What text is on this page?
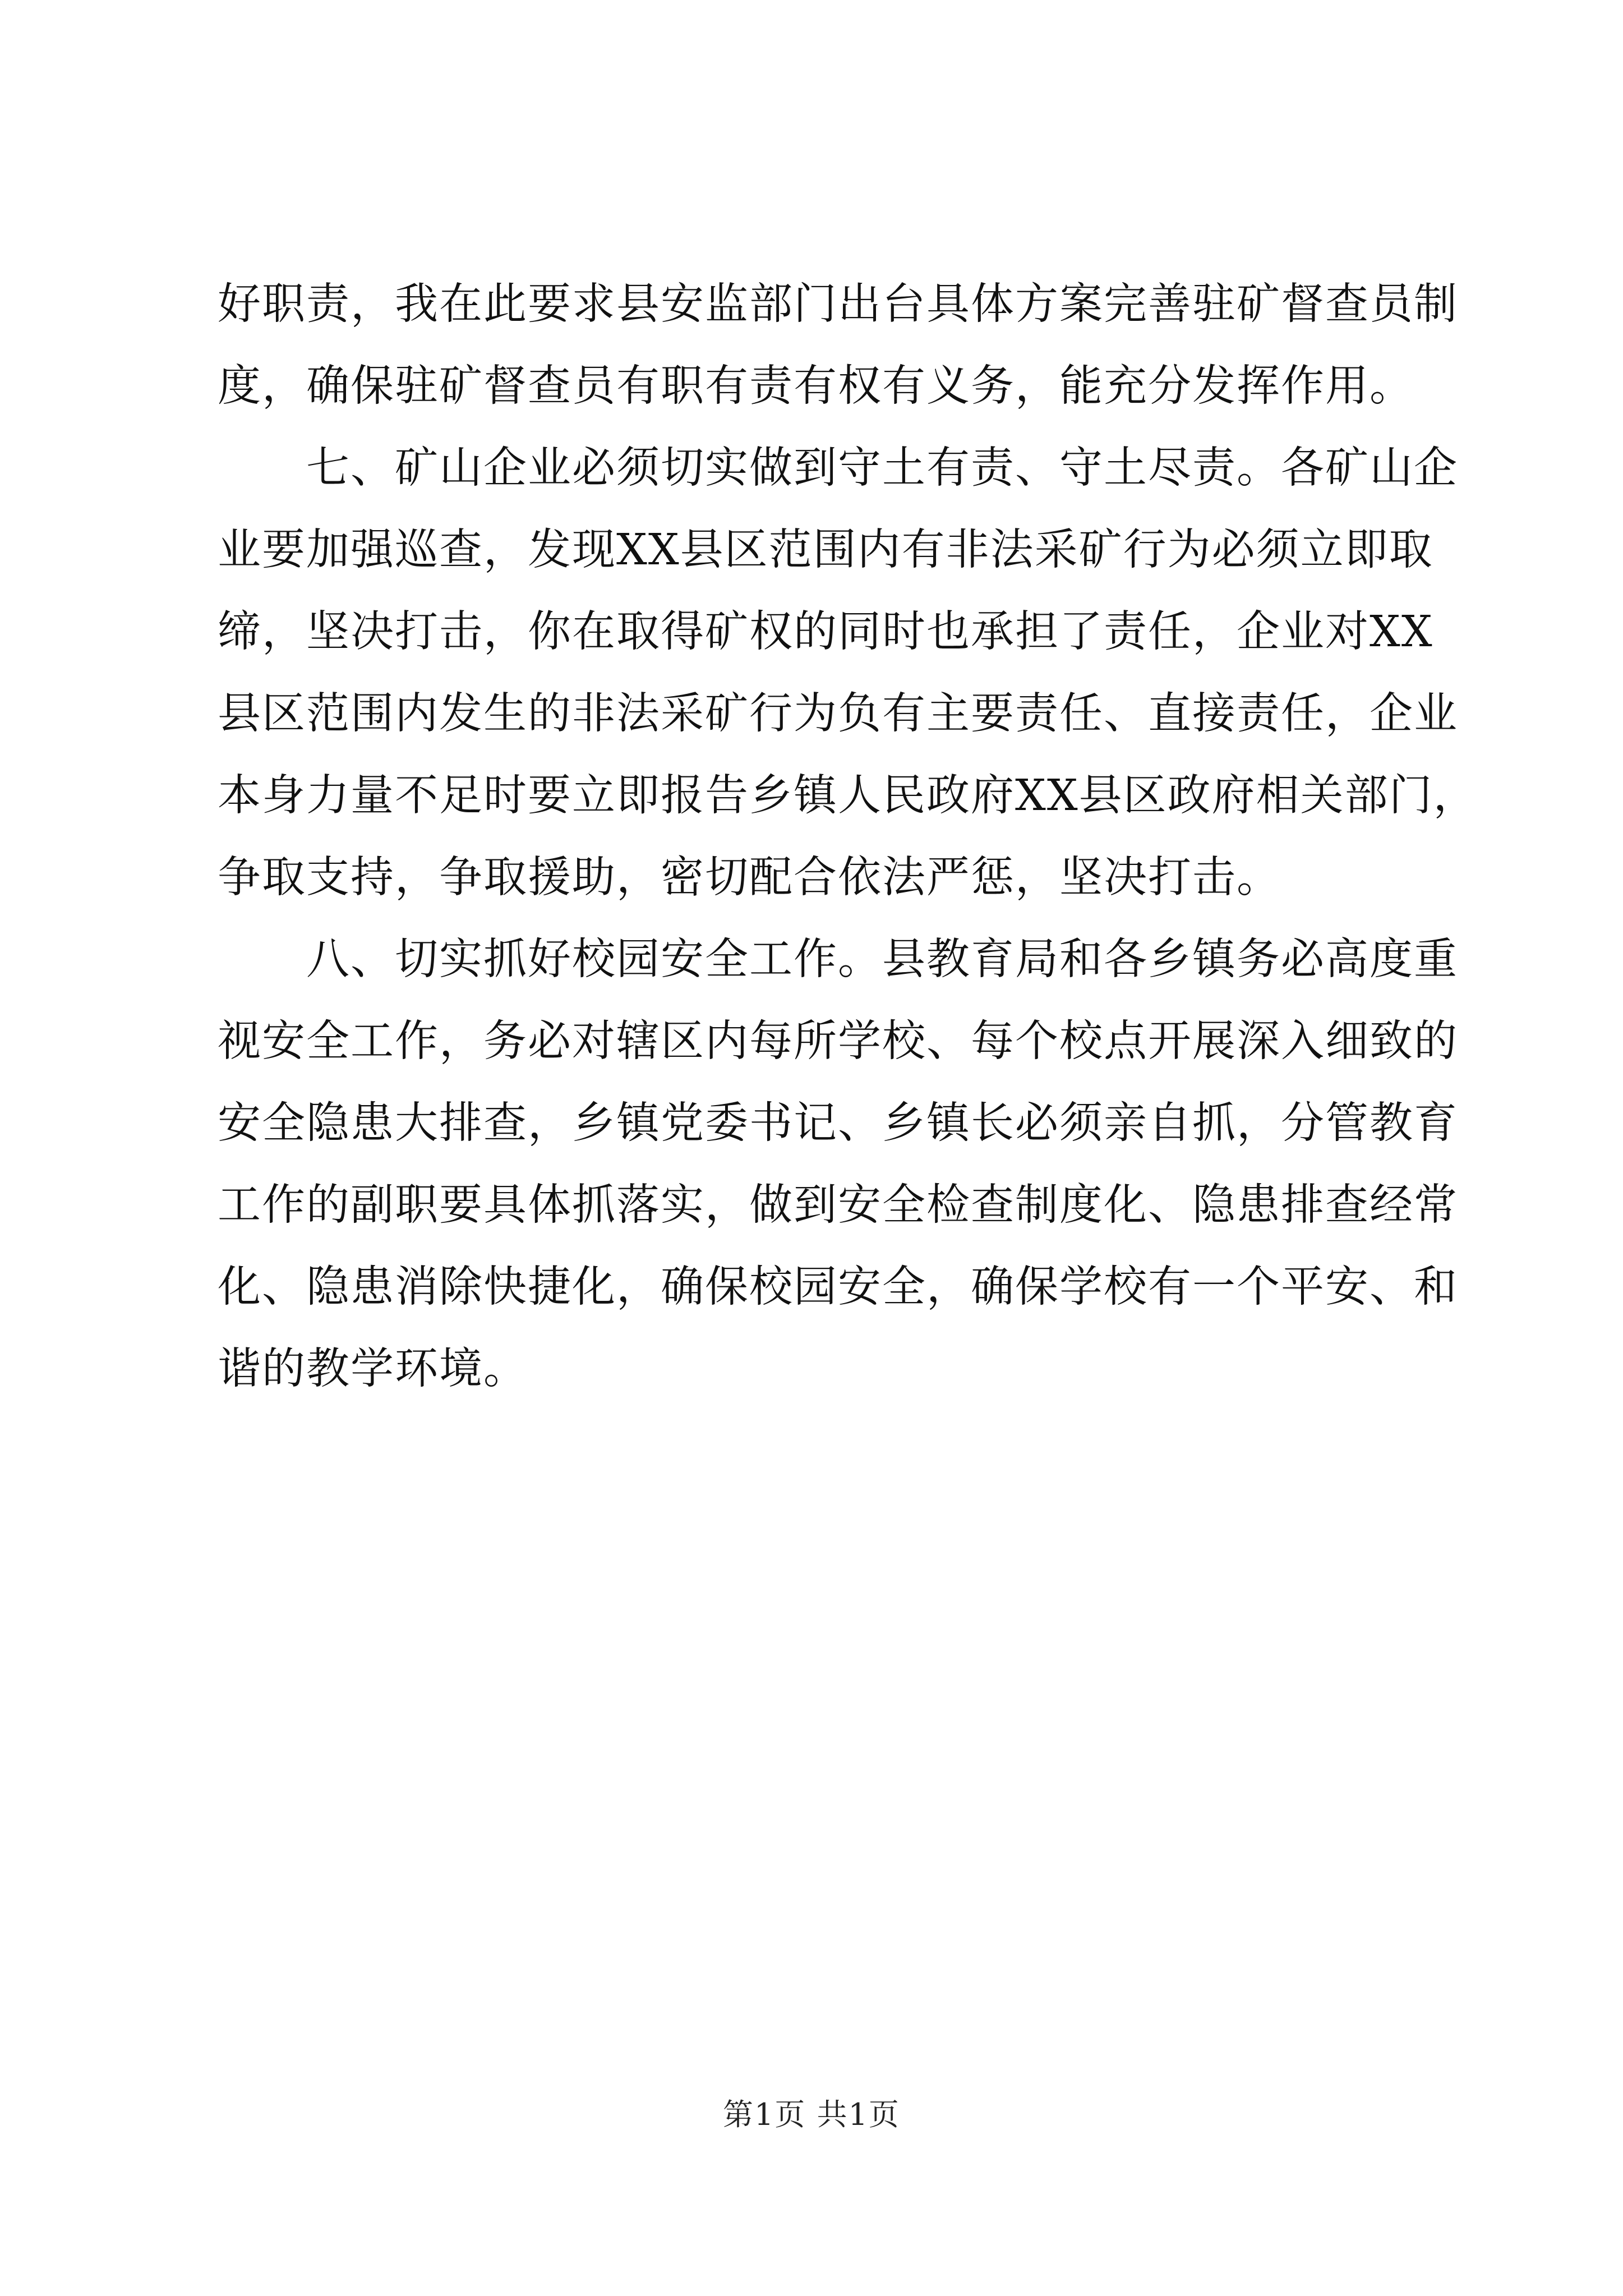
好职责，我在此要求县安监部门出台具体方案完善驻矿督查员制
度，确保驻矿督查员有职有责有权有义务，能充分发挥作用。
七、矿山企业必须切实做到守土有责、守土尽责。各矿山企
业要加强巡查，发现XX县区范围内有非法采矿行为必须立即取
缔，坚决打击，你在取得矿权的同时也承担了责任，企业对XX
县区范围内发生的非法采矿行为负有主要责任、直接责任，企业
本身力量不足时要立即报告乡镇人民政府XX县区政府相关部门，
争取支持，争取援助，密切配合依法严惩，坚决打击。
八、切实抓好校园安全工作。县教育局和各乡镇务必高度重
视安全工作，务必对辖区内每所学校、每个校点开展深入细致的
安全隐患大排查，乡镇党委书记、乡镇长必须亲自抓，分管教育
工作的副职要具体抓落实，做到安全检查制度化、隐患排查经常
化、隐患消除快捷化，确保校园安全，确保学校有一个平安、和
谐的教学环境。
第1页 共1页
